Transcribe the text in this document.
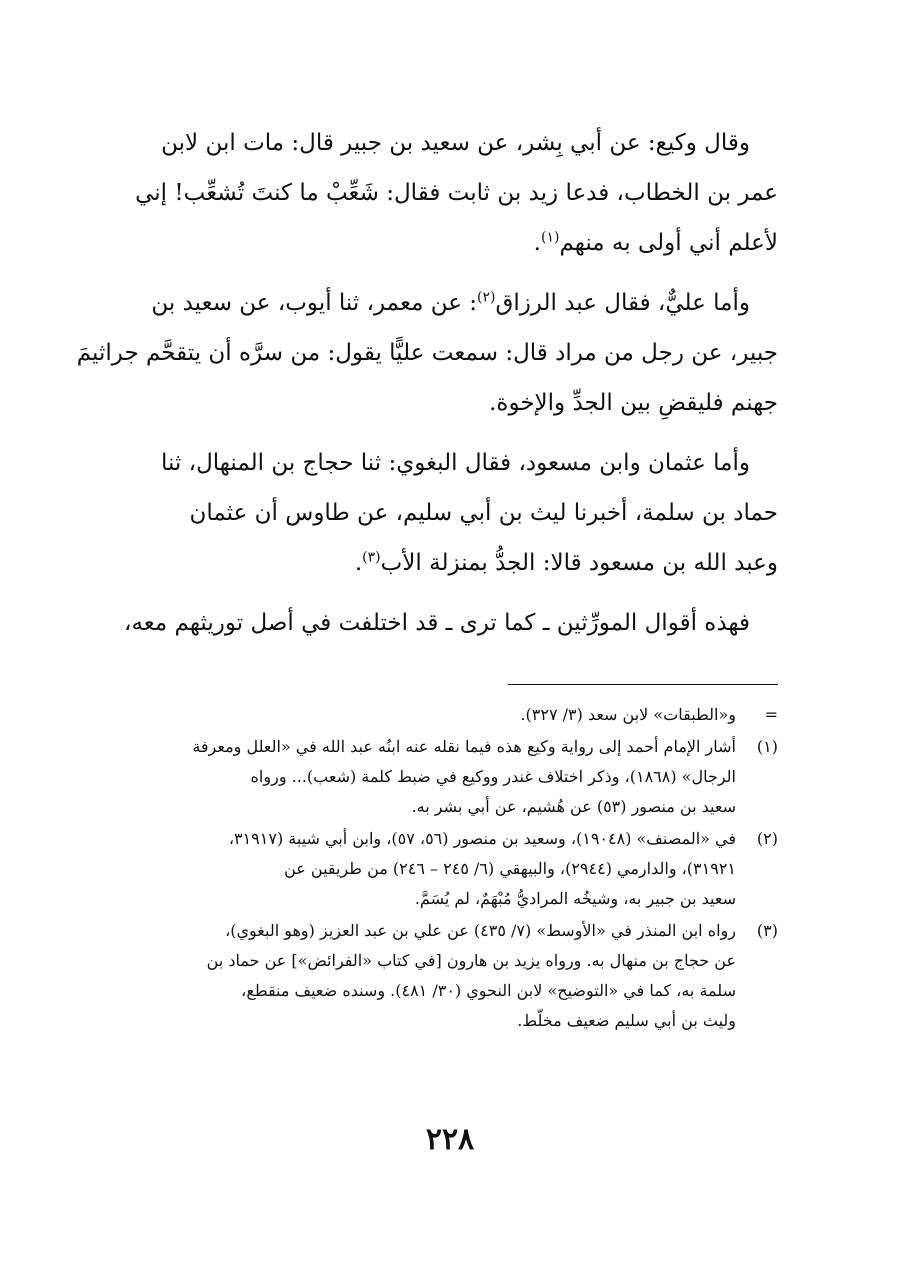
وقال وكيع: عن أبي بِشر، عن سعيد بن جبير قال: مات ابن لابن
عمر بن الخطاب، فدعا زيد بن ثابت فقال: شَعِّبْ ما كنتَ تُشعِّب! إني
لأعلم أني أولى به منهم$^{(١)}$.

وأما عليٌّ، فقال عبد الرزاق$^{(٢)}$: عن معمر، ثنا أيوب، عن سعيد بن
جبير، عن رجل من مراد قال: سمعت عليًّا يقول: من سرَّه أن يتقحَّم جراثيمَ
جهنم فليقضِ بين الجدِّ والإخوة.

وأما عثمان وابن مسعود، فقال البغوي: ثنا حجاج بن المنهال، ثنا
حماد بن سلمة، أخبرنا ليث بن أبي سليم، عن طاوس أن عثمان
وعبد الله بن مسعود قالا: الجدُّ بمنزلة الأب$^{(٣)}$.

فهذه أقوال المورِّثين ـ كما ترى ـ قد اختلفت في أصل توريثهم معه،

=
و«الطبقات» لابن سعد (٣/ ٣٢٧).
(١)
أشار الإمام أحمد إلى رواية وكيع هذه فيما نقله عنه ابنُه عبد الله في «العلل ومعرفة
الرجال» (١٨٦٨)، وذكر اختلاف غندر ووكيع في ضبط كلمة (شعب)... ورواه
سعيد بن منصور (٥٣) عن هُشيم، عن أبي بشر به.
(٢)
في «المصنف» (١٩٠٤٨)، وسعيد بن منصور (٥٦، ٥٧)، وابن أبي شيبة (٣١٩١٧،
٣١٩٢١)، والدارمي (٢٩٤٤)، والبيهقي (٦/ ٢٤٥ – ٢٤٦) من طريقين عن
سعيد بن جبير به، وشيخُه المراديُّ مُبْهَمٌ، لم يُسَمَّ.
(٣)
رواه ابن المنذر في «الأوسط» (٧/ ٤٣٥) عن علي بن عبد العزيز (وهو البغوي)،
عن حجاج بن منهال به. ورواه يزيد بن هارون [في كتاب «الفرائض»] عن حماد بن
سلمة به، كما في «التوضيح» لابن النحوي (٣٠/ ٤٨١). وسنده ضعيف منقطع،
وليث بن أبي سليم ضعيف مخلّط.
٢٢٨
